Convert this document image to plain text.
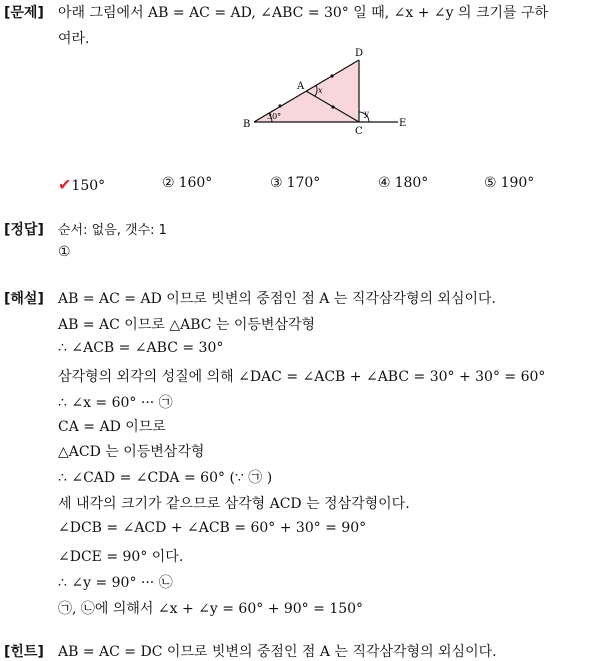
[문제] 아래 그림에서 AB = AC = AD, ∠ABC = 30° 일 때, ∠x + ∠y 의 크기를 구하
여라.
D
A x
y
B
30°
C
E
✔150°	② 160°	③ 170°	④ 180°	⑤ 190°
[정답] 순서: 없음, 갯수: 1
①
[해설] AB = AC = AD 이므로 빗변의 중점인 점 A 는 직각삼각형의 외심이다.
AB = AC 이므로 △ABC 는 이등변삼각형
∴ ∠ACB = ∠ABC = 30°
삼각형의 외각의 성질에 의해 ∠DAC = ∠ACB + ∠ABC = 30° + 30° = 60°
∴ ∠x = 60° ··· ㉠
CA = AD 이므로
△ACD 는 이등변삼각형
∴ ∠CAD = ∠CDA = 60° (∵ ㉠ )
세 내각의 크기가 같으므로 삼각형 ACD 는 정삼각형이다.
∠DCB = ∠ACD + ∠ACB = 60° + 30° = 90°
∠DCE = 90° 이다.
∴ ∠y = 90° ··· ㉡
㉠, ㉡에 의해서 ∠x + ∠y = 60° + 90° = 150°
[힌트] AB = AC = DC 이므로 빗변의 중점인 점 A 는 직각삼각형의 외심이다.
